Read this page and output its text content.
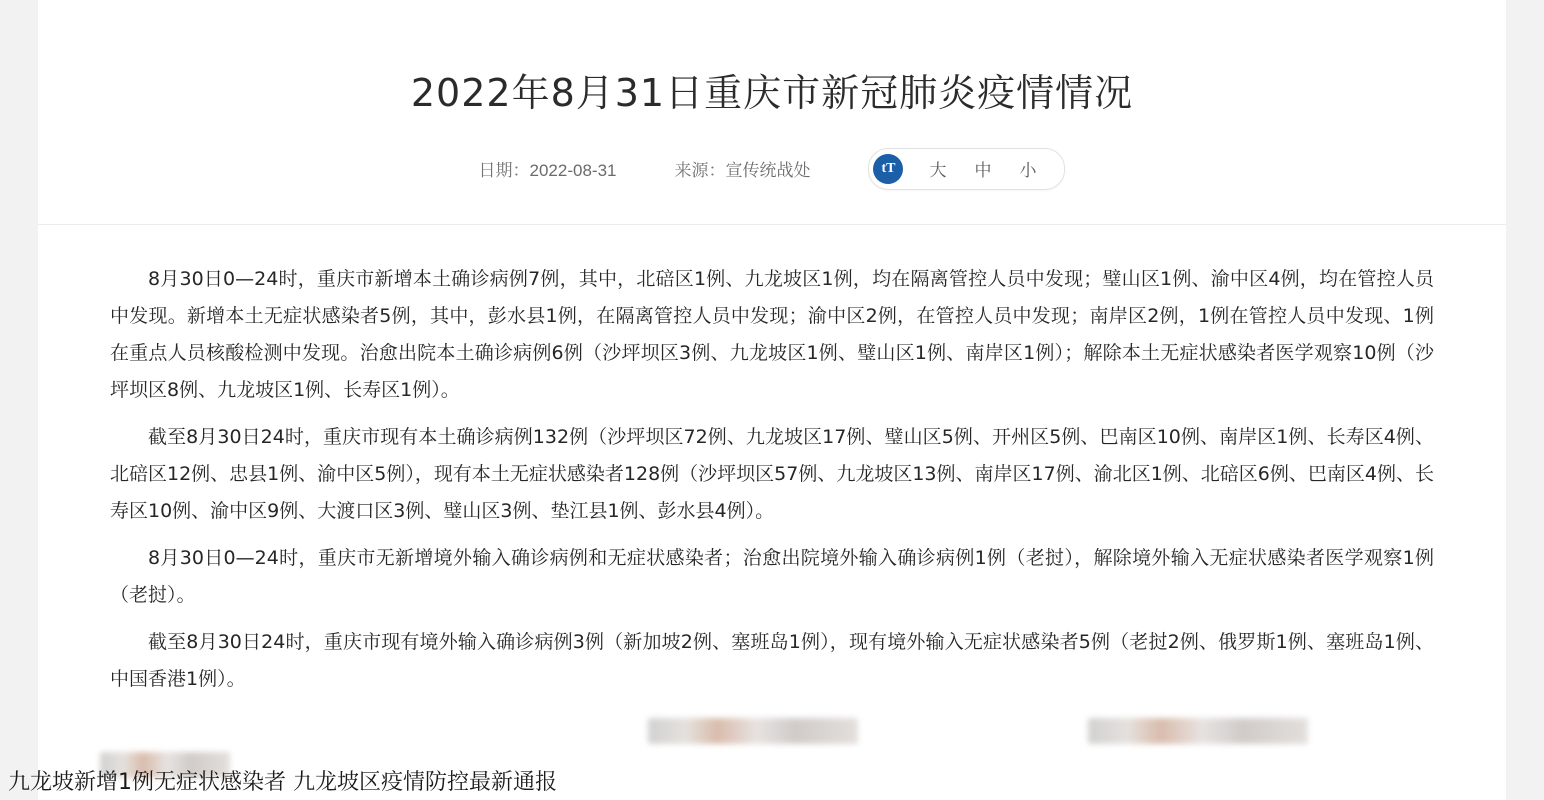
2022年8月31日重庆市新冠肺炎疫情情况
日期：2022-08-31	来源：宣传统战处	tT	大	中	小

8月30日0—24时，重庆市新增本土确诊病例7例，其中，北碚区1例、九龙坡区1例，均在隔离管控人员中发现；璧山区1例、渝中区4例，均在管控人员中发现。新增本土无症状感染者5例，其中，彭水县1例，在隔离管控人员中发现；渝中区2例，在管控人员中发现；南岸区2例，1例在管控人员中发现、1例在重点人员核酸检测中发现。治愈出院本土确诊病例6例（沙坪坝区3例、九龙坡区1例、璧山区1例、南岸区1例）；解除本土无症状感染者医学观察10例（沙坪坝区8例、九龙坡区1例、长寿区1例）。

截至8月30日24时，重庆市现有本土确诊病例132例（沙坪坝区72例、九龙坡区17例、璧山区5例、开州区5例、巴南区10例、南岸区1例、长寿区4例、北碚区12例、忠县1例、渝中区5例），现有本土无症状感染者128例（沙坪坝区57例、九龙坡区13例、南岸区17例、渝北区1例、北碚区6例、巴南区4例、长寿区10例、渝中区9例、大渡口区3例、璧山区3例、垫江县1例、彭水县4例）。

8月30日0—24时，重庆市无新增境外输入确诊病例和无症状感染者；治愈出院境外输入确诊病例1例（老挝），解除境外输入无症状感染者医学观察1例（老挝）。

截至8月30日24时，重庆市现有境外输入确诊病例3例（新加坡2例、塞班岛1例），现有境外输入无症状感染者5例（老挝2例、俄罗斯1例、塞班岛1例、中国香港1例）。

九龙坡新增1例无症状感染者 九龙坡区疫情防控最新通报
